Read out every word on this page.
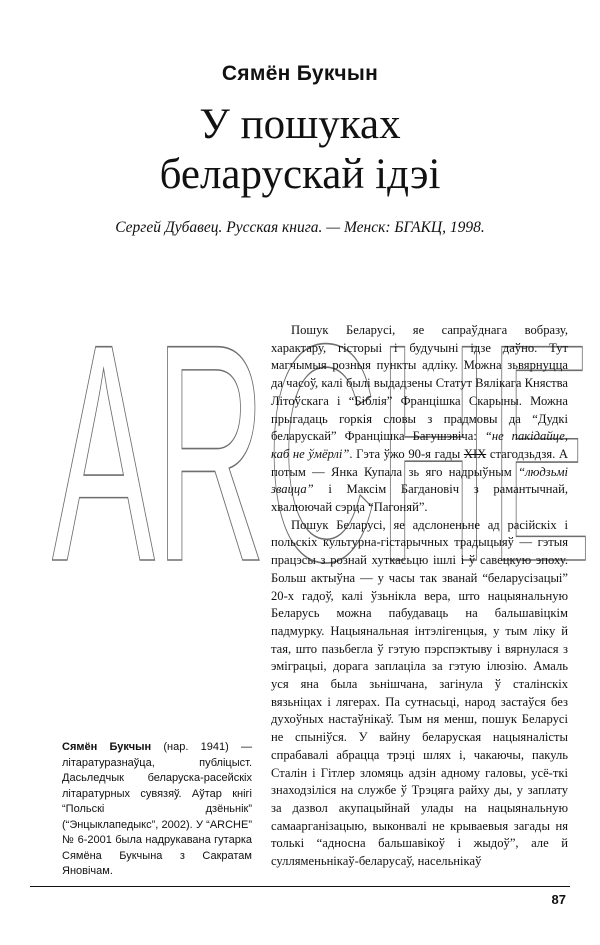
Сямён Букчын
У пошуках
беларускай ідэі
Сергей Дубавец. Русская книга. — Менск: БГАКЦ, 1998.
ARCHE

Пошук Беларусі, яе сапраўднага вобразу, характару, гісторыі і будучыні ідзе даўно. Тут магчымыя розныя пункты адліку. Можна зьвярнуцца да часоў, калі былі выдадзены Статут Вялікага Княства Літоўскага і “Біблія” Францішка Скарыны. Можна прыгадаць горкія словы з прадмовы да “Дудкі беларускай” Францішка Багушэвіча: “не пакідайце, каб не ўмёрлі”. Гэта ўжо 90-я гады XIX стагодзьдзя. А потым — Янка Купала зь яго надрыўным “людзьмі звацца” і Максім Багдановіч з рамантычнай, хвалюючай сэрца “Пагоняй”.

Пошук Беларусі, яе адслоненьне ад расійскіх і польскіх культурна-гістарычных традыцыяў — гэтыя працэсы з рознай хуткасьцю ішлі і ў савецкую эпоху. Больш актыўна — у часы так званай “беларусізацыі” 20-х гадоў, калі ўзьнікла вера, што нацыянальную Беларусь можна пабудаваць на бальшавіцкім падмурку. Нацыянальная інтэлігенцыя, у тым ліку й тая, што пазьбегла ў гэтую пэрспэктыву і вярнулася з эміграцыі, дорага заплаціла за гэтую ілюзію. Амаль уся яна была зьнішчана, загінула ў сталінскіх вязьніцах і лягерах. Па сутнасьці, народ застаўся без духоўных настаўнікаў. Тым ня менш, пошук Беларусі не спыніўся. У вайну беларуская нацыяналісты спрабавалі абрацца трэці шлях і, чакаючы, пакуль Сталін і Гітлер зломяць адзін адному галовы, усё-ткі знаходзіліся на службе ў Трэцяга райху ды, у заплату за дазвол акупацыйнай улады на нацыянальную самаарганізацыю, выконвалі не крываевыя загады ня толькі “адносна бальшавікоў і жыдоў”, але й сулляменьнікаў-беларусаў, насельнікаў

Сямён Букчын (нар. 1941) — літаратуразнаўца, публіцыст. Дасьледчык беларуска-расейскіх літаратурных сувязяў. Аўтар кнігі “Польскі дзёньнік” (“Энцыклапедыкс”, 2002). У “ARCHE” № 6-2001 была надрукавана гутарка Сямёна Букчына з Сакратам Яновічам.
87
